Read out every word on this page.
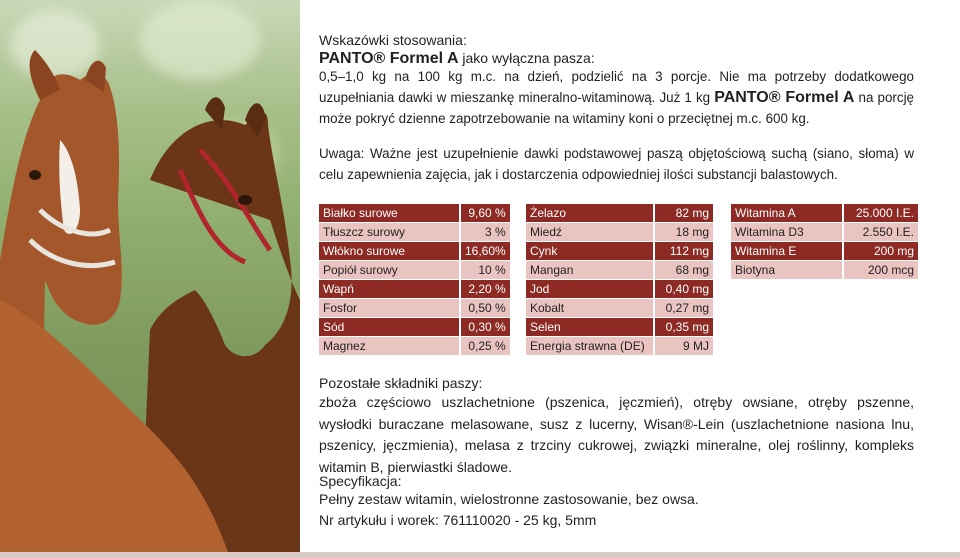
Wskazówki stosowania:
PANTO® Formel A jako wyłączna pasza:
0,5–1,0 kg na 100 kg m.c. na dzień, podzielić na 3 porcje. Nie ma potrzeby dodatkowego uzupełniania dawki w mieszankę mineralno-witaminową. Już 1 kg PANTO® Formel A na porcję może pokryć dzienne zapotrzebowanie na witaminy koni o przeciętnej m.c. 600 kg.
Uwaga: Ważne jest uzupełnienie dawki podstawowej paszą objętościową suchą (siano, słoma) w celu zapewnienia zajęcia, jak i dostarczenia odpowiedniej ilości substancji balastowych.
Białko surowe	9,60 %
Tłuszcz surowy	3 %
Włókno surowe	16,60%
Popiół surowy	10 %
Wapń	2,20 %
Fosfor	0,50 %
Sód	0,30 %
Magnez	0,25 %
Żelazo	82 mg
Miedź	18 mg
Cynk	112 mg
Mangan	68 mg
Jod	0,40 mg
Kobalt	0,27 mg
Selen	0,35 mg
Energia strawna (DE)	9 MJ
Witamina A	25.000 I.E.
Witamina D3	2.550 I.E.
Witamina E	200 mg
Biotyna	200 mcg
Pozostałe składniki paszy:
zboża częściowo uszlachetnione (pszenica, jęczmień), otręby owsiane, otręby pszenne, wysłodki buraczane melasowane, susz z lucerny, Wisan®-Lein (uszlachetnione nasiona lnu, pszenicy, jęczmienia), melasa z trzciny cukrowej, związki mineralne, olej roślinny, kompleks witamin B, pierwiastki śladowe.
Specyfikacja:
Pełny zestaw witamin, wielostronne zastosowanie, bez owsa.
Nr artykułu i worek: 761110020 - 25 kg, 5mm
